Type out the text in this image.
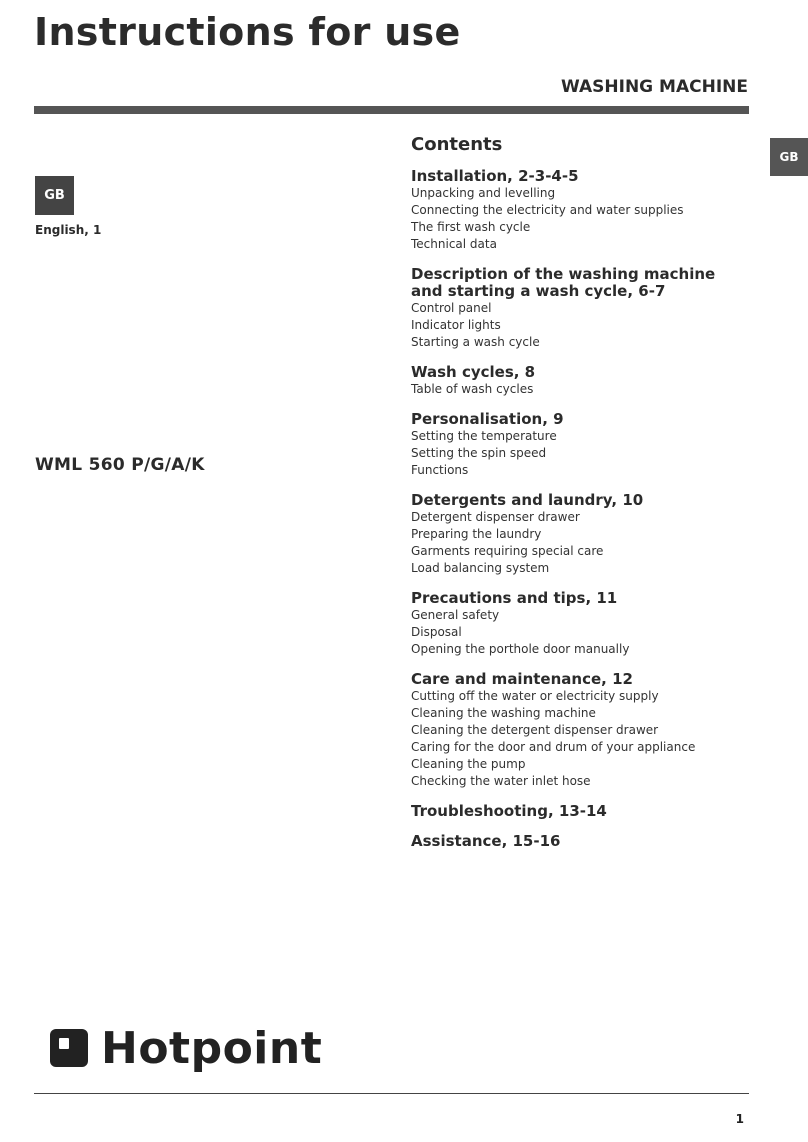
Instructions for use
WASHING MACHINE
GB
GB
English, 1
WML 560 P/G/A/K
Contents
Installation, 2-3-4-5
Unpacking and levelling
Connecting the electricity and water supplies
The first wash cycle
Technical data
Description of the washing machine and starting a wash cycle, 6-7
Control panel
Indicator lights
Starting a wash cycle
Wash cycles, 8
Table of wash cycles
Personalisation, 9
Setting the temperature
Setting the spin speed
Functions
Detergents and laundry, 10
Detergent dispenser drawer
Preparing the laundry
Garments requiring special care
Load balancing system
Precautions and tips, 11
General safety
Disposal
Opening the porthole door manually
Care and maintenance, 12
Cutting off the water or electricity supply
Cleaning the washing machine
Cleaning the detergent dispenser drawer
Caring for the door and drum of your appliance
Cleaning the pump
Checking the water inlet hose
Troubleshooting, 13-14
Assistance, 15-16
Hotpoint
1
